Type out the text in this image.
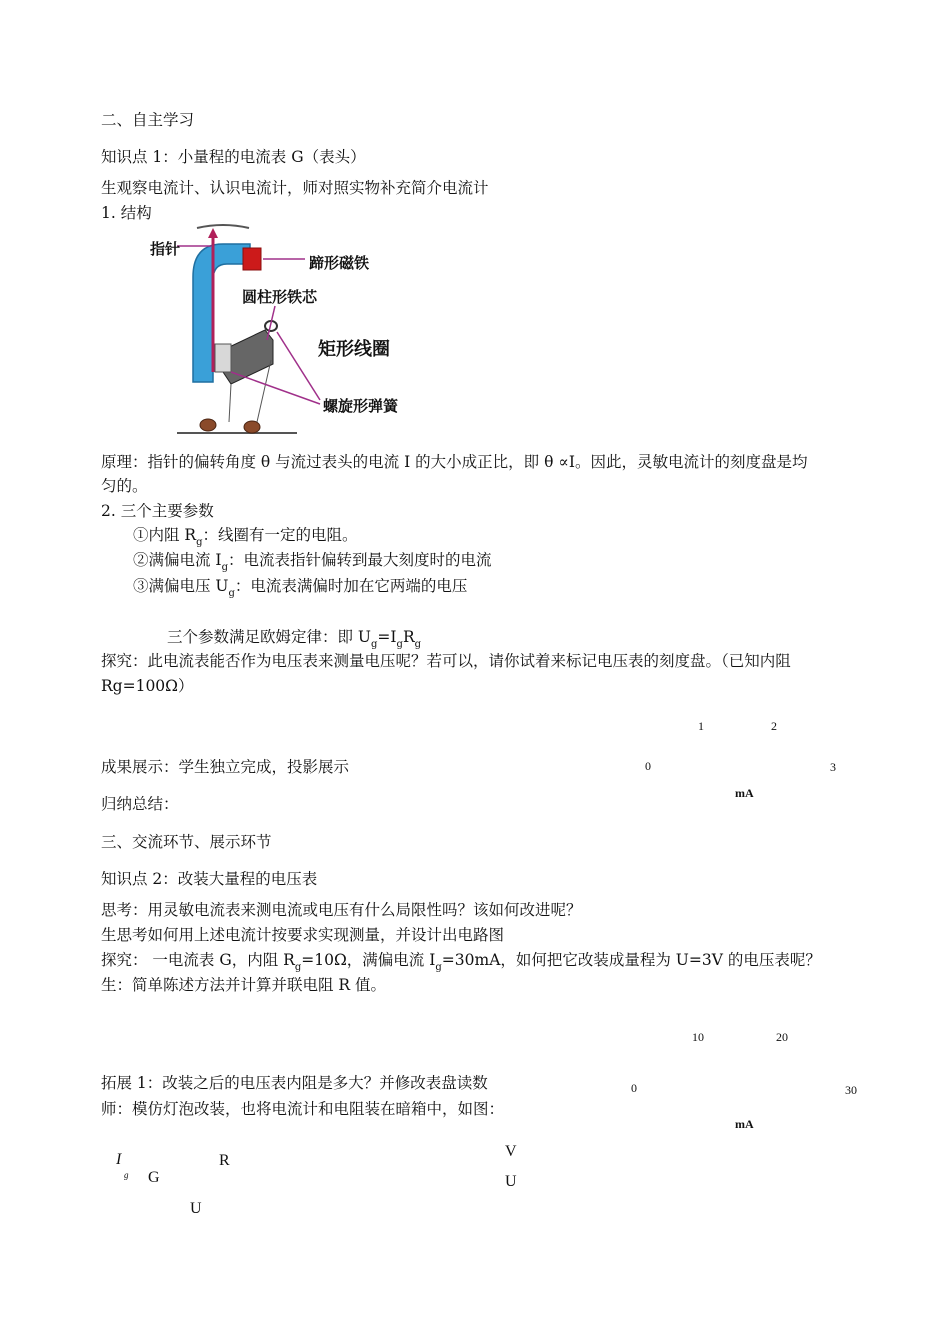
二、自主学习
知识点 1：小量程的电流表 G（表头）
生观察电流计、认识电流计，师对照实物补充简介电流计
1. 结构
指针
蹄形磁铁
圆柱形铁芯
矩形线圈
螺旋形弹簧
原理：指针的偏转角度 θ 与流过表头的电流 I 的大小成正比，即 θ ∝I。因此，灵敏电流计的刻度盘是均
匀的。
2. 三个主要参数
①内阻 $R_g$：线圈有一定的电阻。
②满偏电流 $I_g$：电流表指针偏转到最大刻度时的电流
③满偏电压 $U_g$：电流表满偏时加在它两端的电压
三个参数满足欧姆定律：即 $U_g=I_gR_g$
探究：此电流表能否作为电压表来测量电压呢？若可以，请你试着来标记电压表的刻度盘。（已知内阻
Rg=100Ω）
1	2
0	3
mA
成果展示：学生独立完成，投影展示
归纳总结：
三、交流环节、展示环节
知识点 2：改装大量程的电压表
思考：用灵敏电流表来测电流或电压有什么局限性吗？该如何改进呢？
生思考如何用上述电流计按要求实现测量，并设计出电路图
探究： 一电流表 G，内阻 $R_g=10\Omega$，满偏电流 $I_g=30mA$，如何把它改装成量程为 U=3V 的电压表呢？
生：简单陈述方法并计算并联电阻 R 值。
10	20
0	30
mA
拓展 1：改装之后的电压表内阻是多大？并修改表盘读数
师：模仿灯泡改装，也将电流计和电阻装在暗箱中，如图：
I
g G
R
U
V
U
